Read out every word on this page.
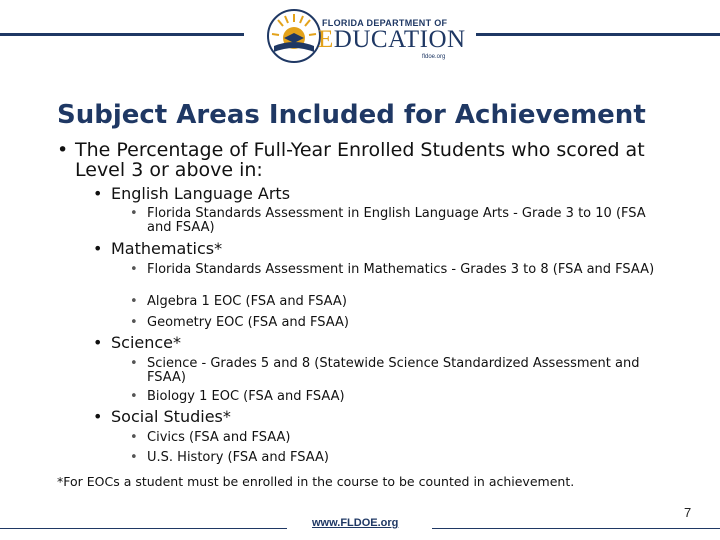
FLORIDA DEPARTMENT OF
EDUCATION
fldoe.org
Subject Areas Included for Achievement
• The Percentage of Full-Year Enrolled Students who scored at Level 3 or above in:
• English Language Arts
• Florida Standards Assessment in English Language Arts - Grade 3 to 10 (FSA and FSAA)
• Mathematics*
• Florida Standards Assessment in Mathematics - Grades 3 to 8 (FSA and FSAA)
• Algebra 1 EOC (FSA and FSAA)
• Geometry EOC (FSA and FSAA)
• Science*
• Science - Grades 5 and 8 (Statewide Science Standardized Assessment and FSAA)
• Biology 1 EOC (FSA and FSAA)
• Social Studies*
• Civics (FSA and FSAA)
• U.S. History (FSA and FSAA)
*For EOCs a student must be enrolled in the course to be counted in achievement.
www.FLDOE.org
7
